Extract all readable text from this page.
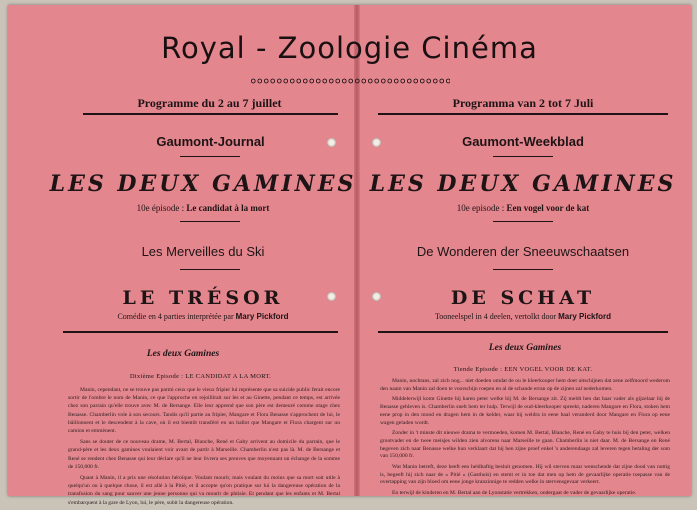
Royal - Zoologie Cinéma
Programme du 2 au 7 juillet
Gaumont-Journal
LES DEUX GAMINES
10e épisode : Le candidat à la mort
Les Merveilles du Ski
LE TRÉSOR
Comédie en 4 parties interprétée par Mary Pickford
Les deux Gamines
Dixième Episode : LE CANDIDAT A LA MORT.

Manin, cependant, ne se trouve pas parmi ceux que le vieux fripier lui représente que sa suicide public ferait encore sortir de l'ombre le nom de Manin, ce que l'approche en rejoillirait sur les et au Ginette, pendant ce temps, est arrivée chez son parrain qu'elle trouve avec M. de Bersange. Elle leur apprend que son père est demeuré comme otage chez Benasse. Chamberlin vole à son secours. Tandis qu'il partie au fripier, Mangare et Flora Benasse s'approchent de lui, le bâillonnent et le descendent à la cave, où il est bientôt transféré en un ballot que Mangare et Flora chargent sur un camion et emmènent.

Sans se douter de ce nouveau drame, M. Bertal, Blanche, René et Gaby arrivent au domicile du parrain, que le grand-père et les deux gamines voulaient voir avant de partir à Marseille. Chamberlin n'est pas là. M. de Bersange et René se rendent chez Benasse qui leur déclare qu'il ne leur livrera ses preuves que moyennant un échange de la somme de 150,000 fr.

Quant à Manin, il a pris une résolution héroïque. Voulant mourir, mais voulant du moins que sa mort soit utile à quelqu'un ou à quelque chose, il est allé à la Pitié, et il accepte qu'on pratique sur lui la dangereuse opération de la transfusion du sang pour sauver une jeune personne qui va mourir de phtisie. Et pendant que les enfants et M. Bertal s'embarquent à la gare de Lyon, lui, le père, subit la dangereuse opération.

Programma van 2 tot 7 Juli
Gaumont-Weekblad
LES DEUX GAMINES
10e episode : Een vogel voor de kat
De Wonderen der Sneeuwschaatsen
DE SCHAT
Tooneelspel in 4 deelen, vertolkt door Mary Pickford
Les deux Gamines
Tiende Episode : EEN VOGEL VOOR DE KAT.

Manin, nochtans, zal zich nog... niet doeden omdat de ou le kleerkooper hem doet uitschijnen dat zene zelfmoord wederom den naam van Manin zal doen te voorschijn roepen en al de schande erran op de zijnen zal nederkomen.

Middelerwijl komt Ginette bij haren peter welke bij M. de Bersange zit. Zij meldt hen dat haar vader als gijzelaar bij de Benasse gebleven is. Chamberlin snelt hem ter hulp. Terwijl de oud-kleerkooper spreekt, naderen Mangare en Flora, stoken hem eene prop in den mond en dragen hem in de kelder, waar hij weldra in eene baal veranderd door Mangare en Flora op eene wagen geladen wordt.

Zonder in 't minste dit nieuwe drama te vermoeden, komen M. Bertal, Blanche, René en Gaby te huis bij den peter, welken grootvader en de twee meisjes wilden zien alvorens naar Marseille te gaan. Chamberlin is niet daar. M. de Bersange en René begeven zich naar Benasse welke hun verklaart dat hij hen zijne proef enkel 's anderendaags zal leveren tegen betaling der som van 150,000 fr.

Wat Manin betreft, deze heeft een heldhaftig besluit genomen. Hij wil sterven maar wenschende dat zijne dood van nuttig is, begeeft hij zich naar de « Pitié » (Gasthuis) en stemt er in toe dat men op hem de gevaarlijke operatie toepasse van de overtapping van zijn bloed om eene jonge kranzinnige te redden welke in stervensgevaar verkeert.

En terwijl de kinderen en M. Bertal aan de Lyonstatie vertrekken, ondergaat de vader de gevaarlijke operatie.
